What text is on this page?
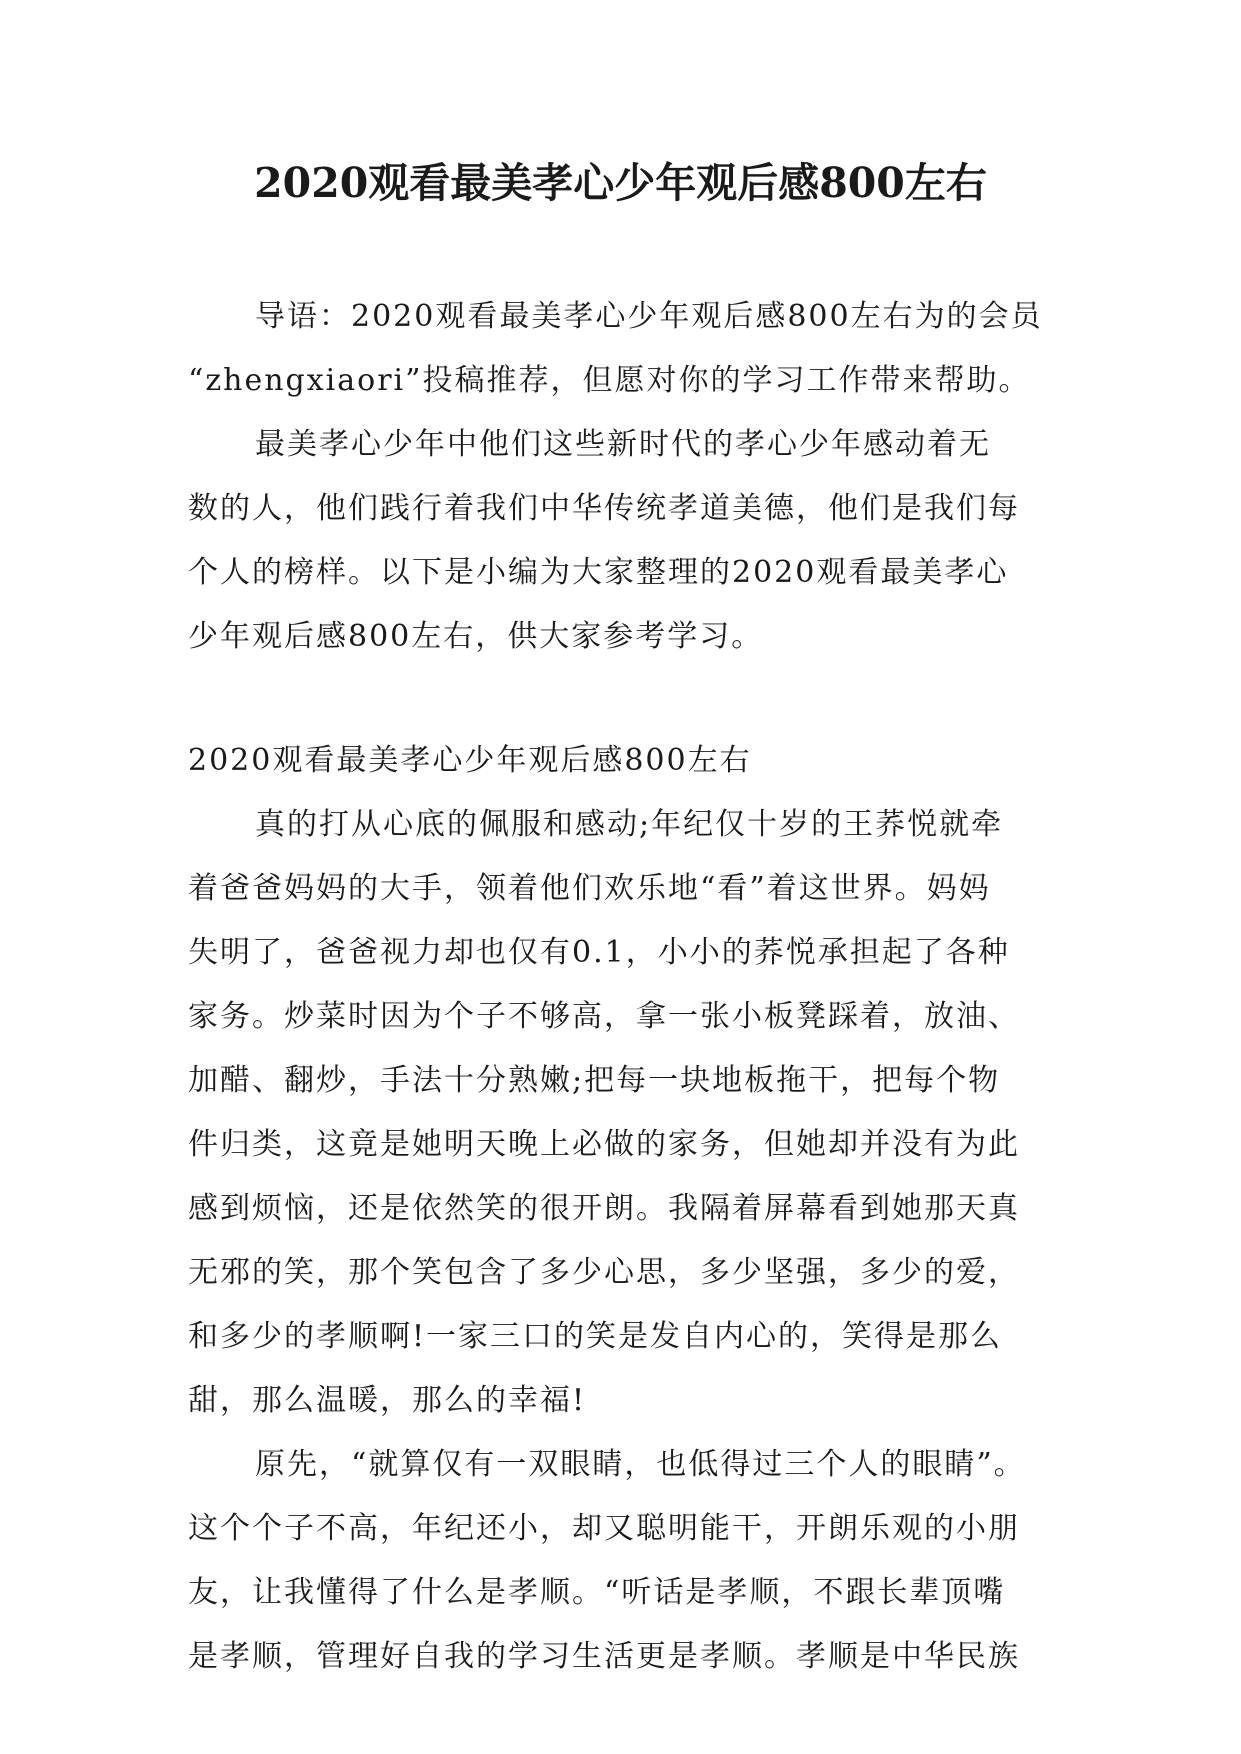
2020观看最美孝心少年观后感800左右
导语：2020观看最美孝心少年观后感800左右为的会员
“zhengxiaori”投稿推荐，但愿对你的学习工作带来帮助。
最美孝心少年中他们这些新时代的孝心少年感动着无
数的人，他们践行着我们中华传统孝道美德，他们是我们每
个人的榜样。以下是小编为大家整理的2020观看最美孝心
少年观后感800左右，供大家参考学习。
2020观看最美孝心少年观后感800左右
真的打从心底的佩服和感动;年纪仅十岁的王荞悦就牵
着爸爸妈妈的大手，领着他们欢乐地“看”着这世界。妈妈
失明了，爸爸视力却也仅有0.1，小小的荞悦承担起了各种
家务。炒菜时因为个子不够高，拿一张小板凳踩着，放油、
加醋、翻炒，手法十分熟嫩;把每一块地板拖干，把每个物
件归类，这竟是她明天晚上必做的家务，但她却并没有为此
感到烦恼，还是依然笑的很开朗。我隔着屏幕看到她那天真
无邪的笑，那个笑包含了多少心思，多少坚强，多少的爱，
和多少的孝顺啊!一家三口的笑是发自内心的，笑得是那么
甜，那么温暖，那么的幸福!
原先，“就算仅有一双眼睛，也低得过三个人的眼睛”。
这个个子不高，年纪还小，却又聪明能干，开朗乐观的小朋
友，让我懂得了什么是孝顺。“听话是孝顺，不跟长辈顶嘴
是孝顺，管理好自我的学习生活更是孝顺。孝顺是中华民族
